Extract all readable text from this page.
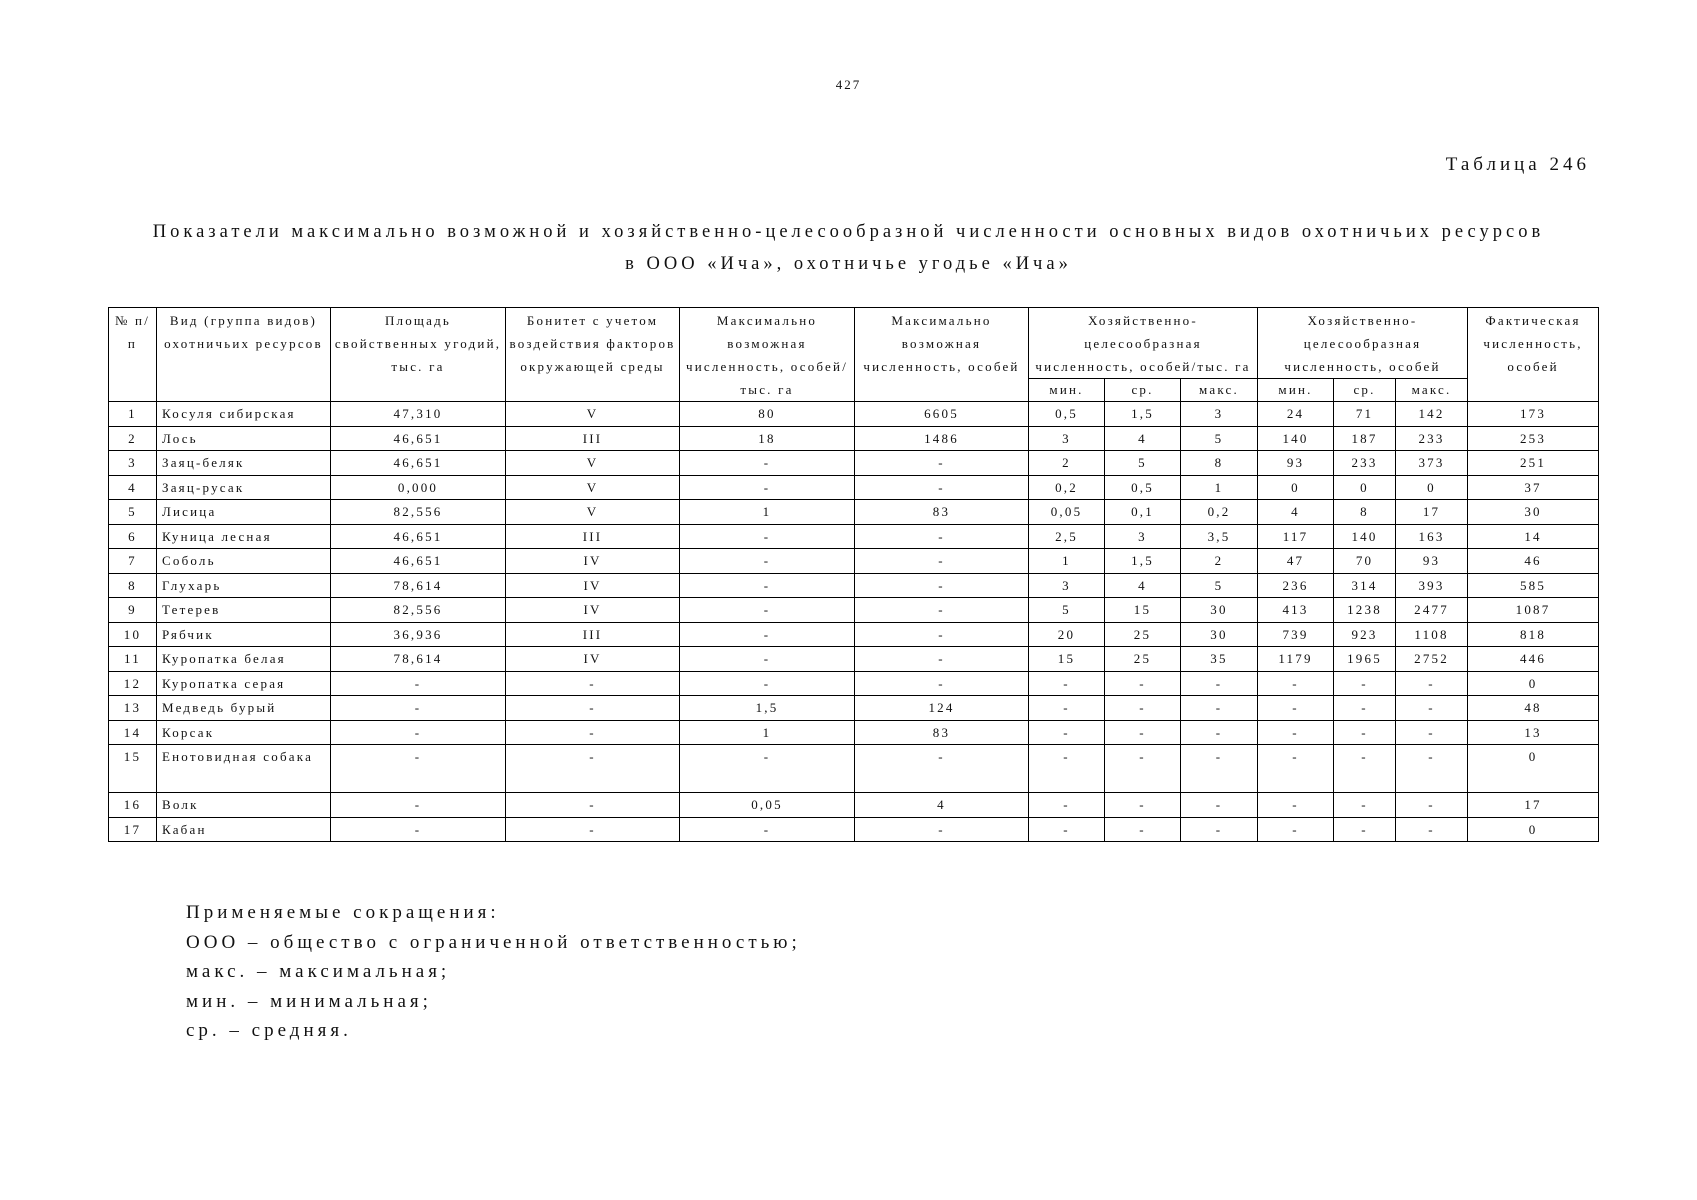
427
Таблица 246
Показатели максимально возможной и хозяйственно-целесообразной численности основных видов охотничьих ресурсов
в ООО «Ича», охотничье угодье «Ича»
№ п/п	Вид (группа видов) охотничьих ресурсов	Площадь свойственных угодий, тыс. га	Бонитет с учетом воздействия факторов окружающей среды	Максимально возможная численность, особей/тыс. га	Максимально возможная численность, особей	Хозяйственно-целесообразная численность, особей/тыс. га			Хозяйственно-целесообразная численность, особей			Фактическая численность, особей
						мин.	ср.	макс.	мин.	ср.	макс.	
1	Косуля сибирская	47,310	V	80	6605	0,5	1,5	3	24	71	142	173
2	Лось	46,651	III	18	1486	3	4	5	140	187	233	253
3	Заяц-беляк	46,651	V	-	-	2	5	8	93	233	373	251
4	Заяц-русак	0,000	V	-	-	0,2	0,5	1	0	0	0	37
5	Лисица	82,556	V	1	83	0,05	0,1	0,2	4	8	17	30
6	Куница лесная	46,651	III	-	-	2,5	3	3,5	117	140	163	14
7	Соболь	46,651	IV	-	-	1	1,5	2	47	70	93	46
8	Глухарь	78,614	IV	-	-	3	4	5	236	314	393	585
9	Тетерев	82,556	IV	-	-	5	15	30	413	1238	2477	1087
10	Рябчик	36,936	III	-	-	20	25	30	739	923	1108	818
11	Куропатка белая	78,614	IV	-	-	15	25	35	1179	1965	2752	446
12	Куропатка серая	-	-	-	-	-	-	-	-	-	-	0
13	Медведь бурый	-	-	1,5	124	-	-	-	-	-	-	48
14	Корсак	-	-	1	83	-	-	-	-	-	-	13
15	Енотовидная собака	-	-	-	-	-	-	-	-	-	-	0
16	Волк	-	-	0,05	4	-	-	-	-	-	-	17
17	Кабан	-	-	-	-	-	-	-	-	-	-	0
Применяемые сокращения:
ООО – общество с ограниченной ответственностью;
макс. – максимальная;
мин. – минимальная;
ср. – средняя.
